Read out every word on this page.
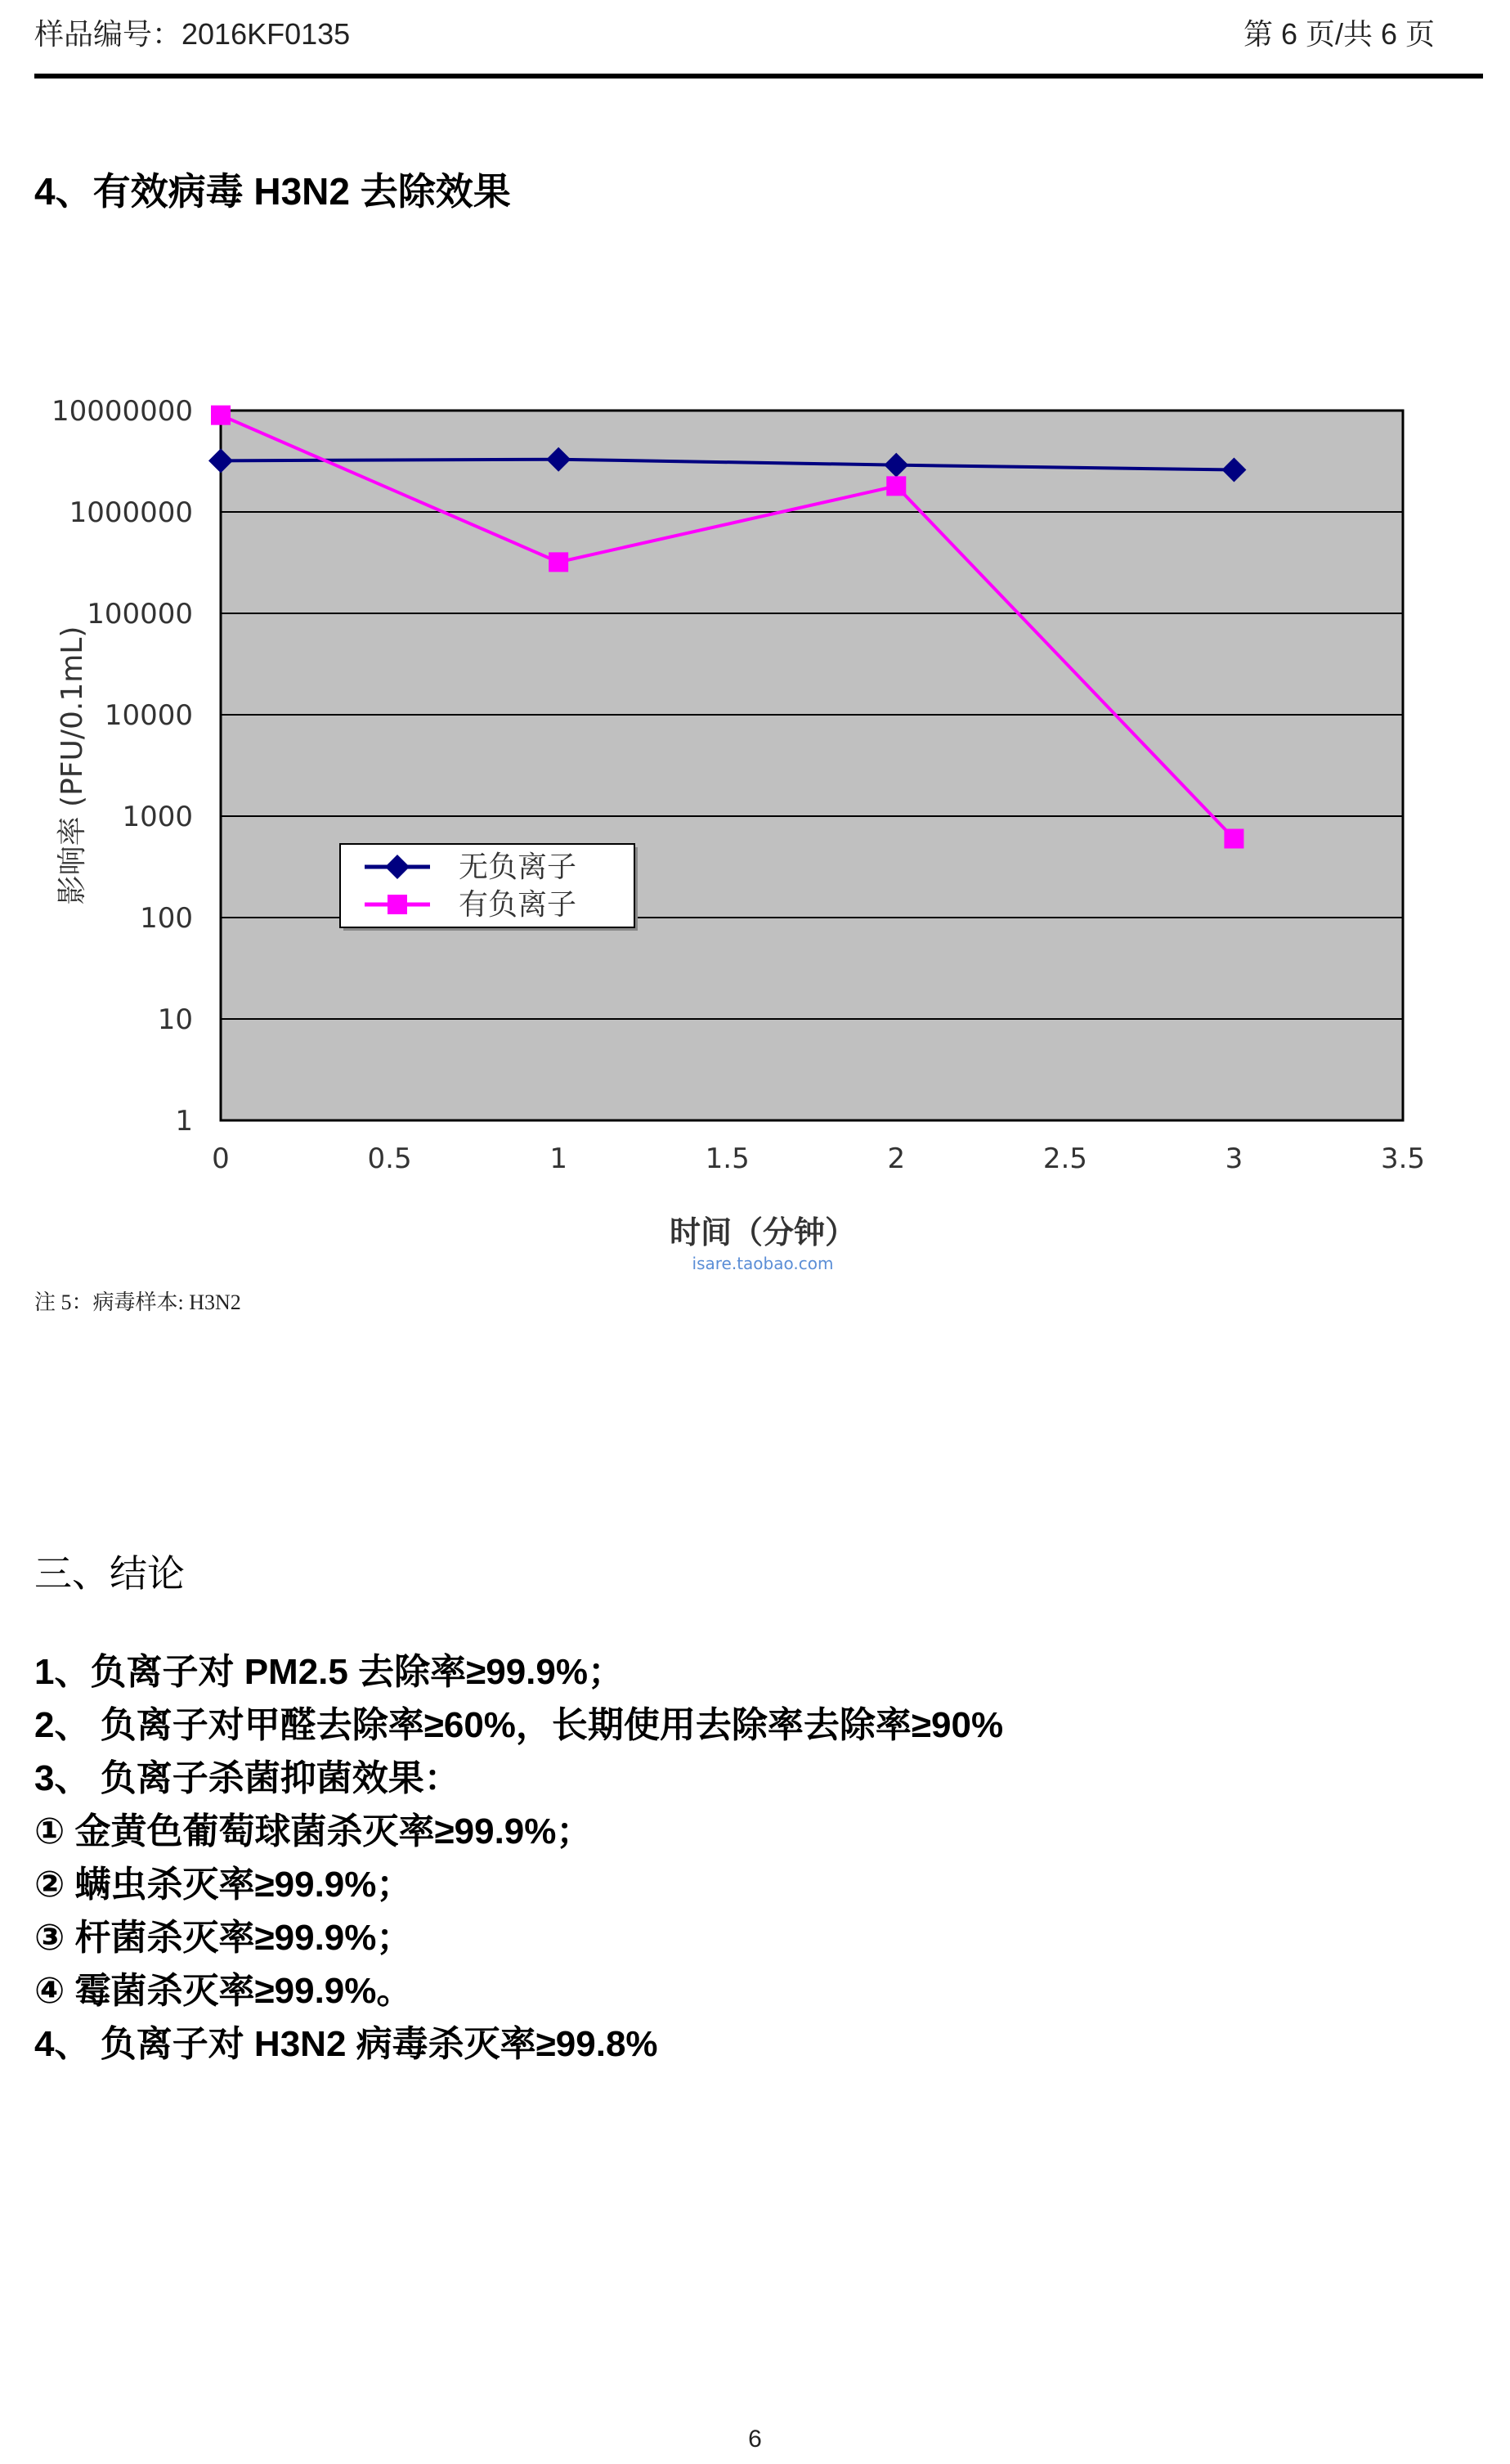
样品编号：2016KF0135	第 6 页/共 6 页
4、有效病毒 H3N2 去除效果
10000000
1000000
100000
10000
1000
100
10
1
0	0.5	1	1.5	2	2.5	3	3.5
无负离子
有负离子
影响率 (PFU/0.1mL)
时间（分钟）
isare.taobao.com
注 5：病毒样本: H3N2
三、结论
1、负离子对 PM2.5 去除率≥99.9%；
2、 负离子对甲醛去除率≥60%，长期使用去除率去除率≥90%
3、 负离子杀菌抑菌效果：
① 金黄色葡萄球菌杀灭率≥99.9%；
② 螨虫杀灭率≥99.9%；
③ 杆菌杀灭率≥99.9%；
④ 霉菌杀灭率≥99.9%。
4、 负离子对 H3N2 病毒杀灭率≥99.8%
6
